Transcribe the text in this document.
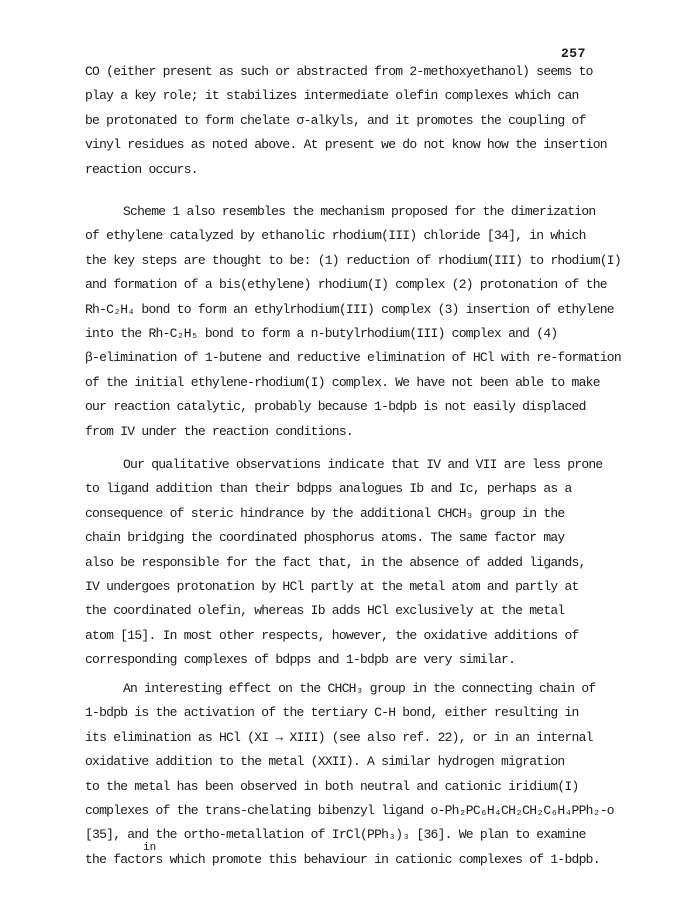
257
CO (either present as such or abstracted from 2-methoxyethanol) seems to
play a key role; it stabilizes intermediate olefin complexes which can
be protonated to form chelate σ-alkyls, and it promotes the coupling of
vinyl residues as noted above. At present we do not know how the insertion
reaction occurs.
Scheme 1 also resembles the mechanism proposed for the dimerization
of ethylene catalyzed by ethanolic rhodium(III) chloride [34], in which
the key steps are thought to be: (1) reduction of rhodium(III) to rhodium(I)
and formation of a bis(ethylene) rhodium(I) complex (2) protonation of the
Rh-C₂H₄ bond to form an ethylrhodium(III) complex (3) insertion of ethylene
into the Rh-C₂H₅ bond to form a n-butylrhodium(III) complex and (4)
β-elimination of 1-butene and reductive elimination of HCl with re-formation
of the initial ethylene-rhodium(I) complex. We have not been able to make
our reaction catalytic, probably because 1-bdpb is not easily displaced
from IV under the reaction conditions.
Our qualitative observations indicate that IV and VII are less prone
to ligand addition than their bdpps analogues Ib and Ic, perhaps as a
consequence of steric hindrance by the additional CHCH₃ group in the
chain bridging the coordinated phosphorus atoms. The same factor may
also be responsible for the fact that, in the absence of added ligands,
IV undergoes protonation by HCl partly at the metal atom and partly at
the coordinated olefin, whereas Ib adds HCl exclusively at the metal
atom [15]. In most other respects, however, the oxidative additions of
corresponding complexes of bdpps and 1-bdpb are very similar.
An interesting effect on the CHCH₃ group in the connecting chain of
1-bdpb is the activation of the tertiary C-H bond, either resulting in
its elimination as HCl (XI → XIII) (see also ref. 22), or in an internal
oxidative addition to the metal (XXII). A similar hydrogen migration
to the metal has been observed in both neutral and cationic iridium(I)
complexes of the trans-chelating bibenzyl ligand o-Ph₂PC₆H₄CH₂CH₂C₆H₄PPh₂-o
[35], and the ortho-metallation of IrCl(PPh₃)₃ [36]. We plan to examine
the factors which promote this behaviour in cationic complexes of 1-bdpb.
in
